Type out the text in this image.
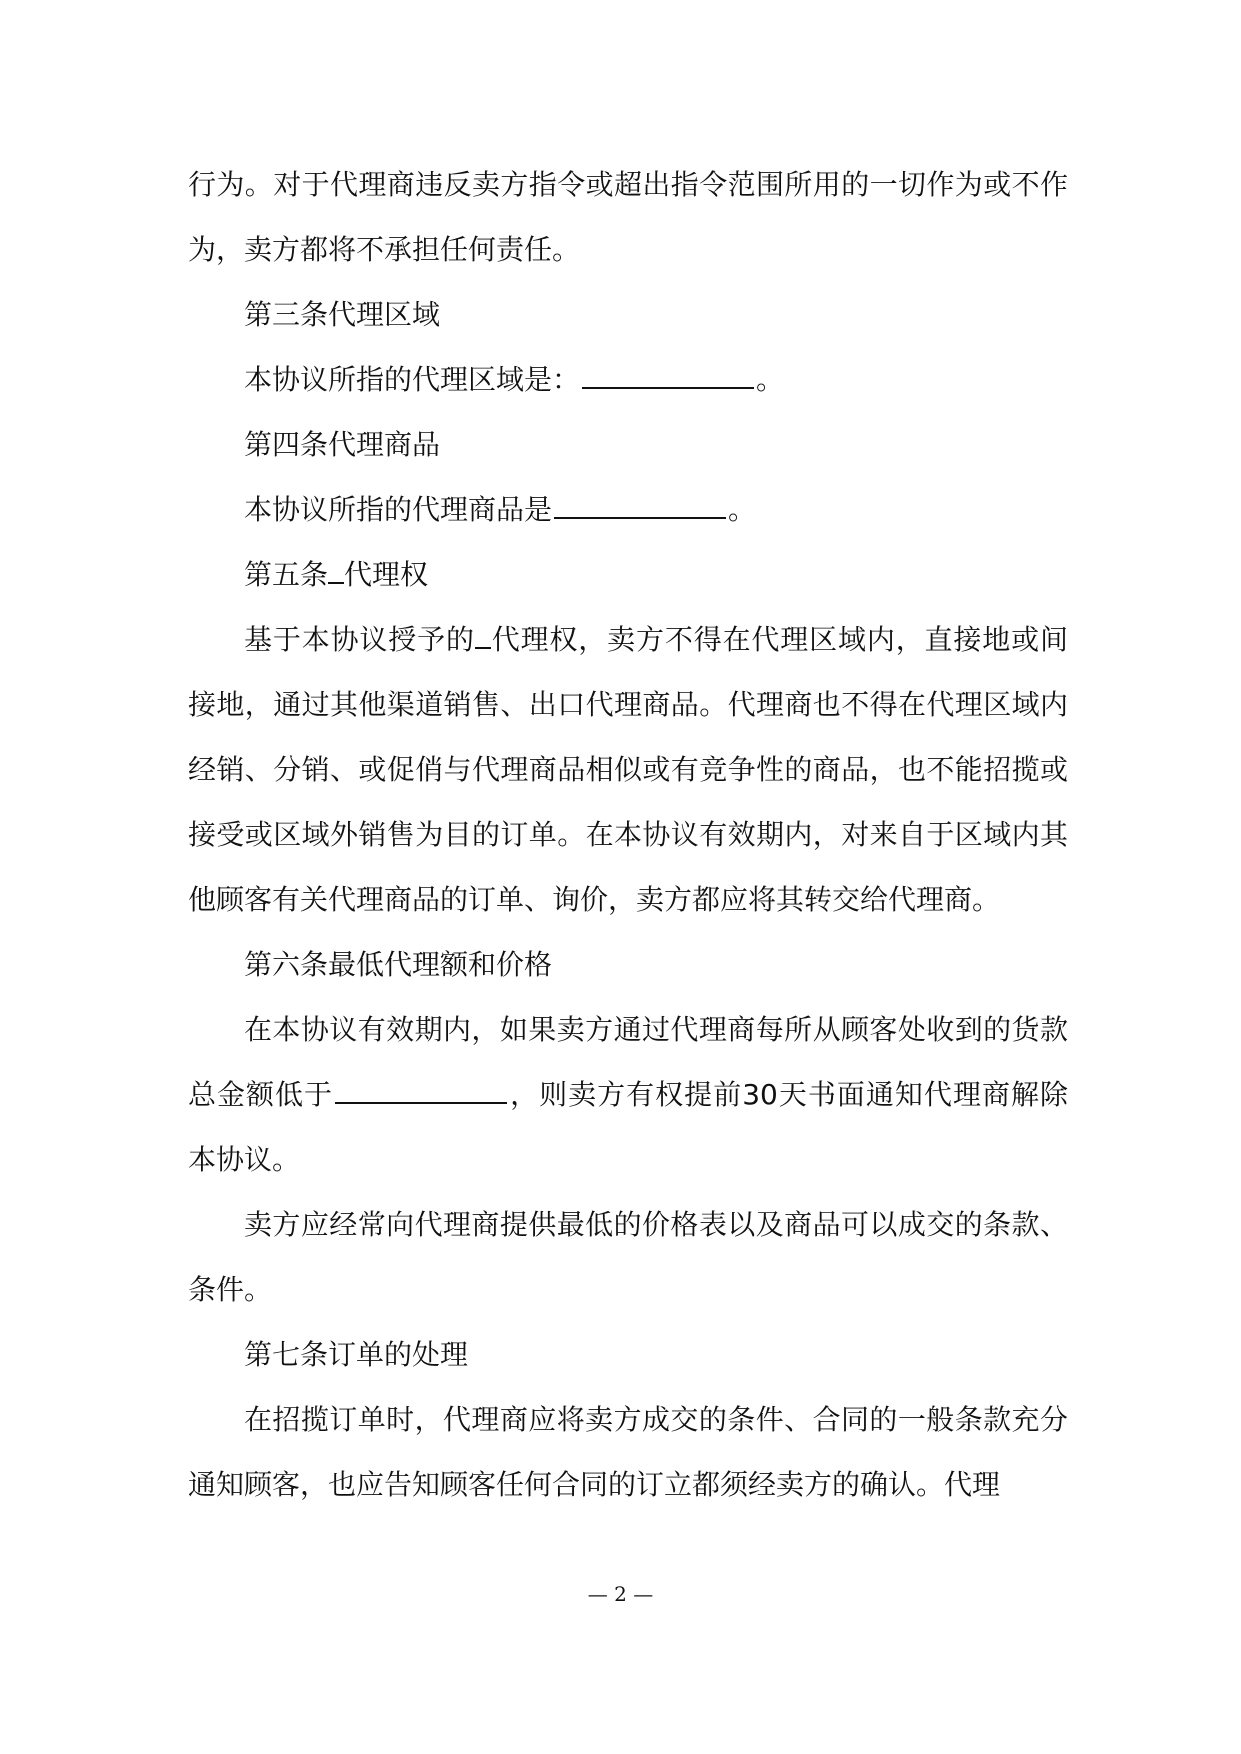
行为。对于代理商违反卖方指令或超出指令范围所用的一切作为或不作为，卖方都将不承担任何责任。

第三条代理区域

本协议所指的代理区域是：	。

第四条代理商品

本协议所指的代理商品是	。

第五条 代理权

基于本协议授予的 代理权，卖方不得在代理区域内，直接地或间接地，通过其他渠道销售、出口代理商品。代理商也不得在代理区域内经销、分销、或促俏与代理商品相似或有竞争性的商品，也不能招揽或接受或区域外销售为目的订单。在本协议有效期内，对来自于区域内其他顾客有关代理商品的订单、询价，卖方都应将其转交给代理商。

第六条最低代理额和价格

在本协议有效期内，如果卖方通过代理商每所从顾客处收到的货款总金额低于	，则卖方有权提前30天书面通知代理商解除本协议。

卖方应经常向代理商提供最低的价格表以及商品可以成交的条款、条件。

第七条订单的处理

在招揽订单时，代理商应将卖方成交的条件、合同的一般条款充分通知顾客，也应告知顾客任何合同的订立都须经卖方的确认。代理

— 2 —
